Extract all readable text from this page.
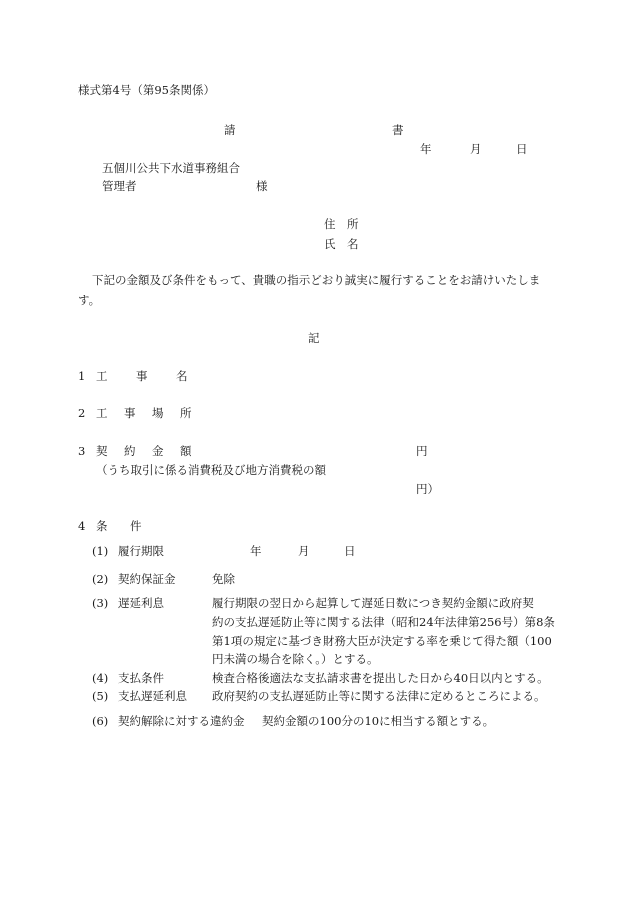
様式第4号（第95条関係）
請	書
年	月	日
五個川公共下水道事務組合
管理者	様
住　所
氏　名
下記の金額及び条件をもって、貴職の指示どおり誠実に履行することをお請けいたしま
す。
記
1 工 事 名
2 工 事 場 所
3 契 約 金 額	円
（うち取引に係る消費税及び地方消費税の額
円）
4 条 件
(1) 履行期限	年	月	日
(2) 契約保証金	免除
(3) 遅延利息	履行期限の翌日から起算して遅延日数につき契約金額に政府契
約の支払遅延防止等に関する法律（昭和24年法律第256号）第8条
第1項の規定に基づき財務大臣が決定する率を乗じて得た額（100
円未満の場合を除く。）とする。
(4) 支払条件	検査合格後適法な支払請求書を提出した日から40日以内とする。
(5) 支払遅延利息 政府契約の支払遅延防止等に関する法律に定めるところによる。
(6) 契約解除に対する違約金 契約金額の100分の10に相当する額とする。
